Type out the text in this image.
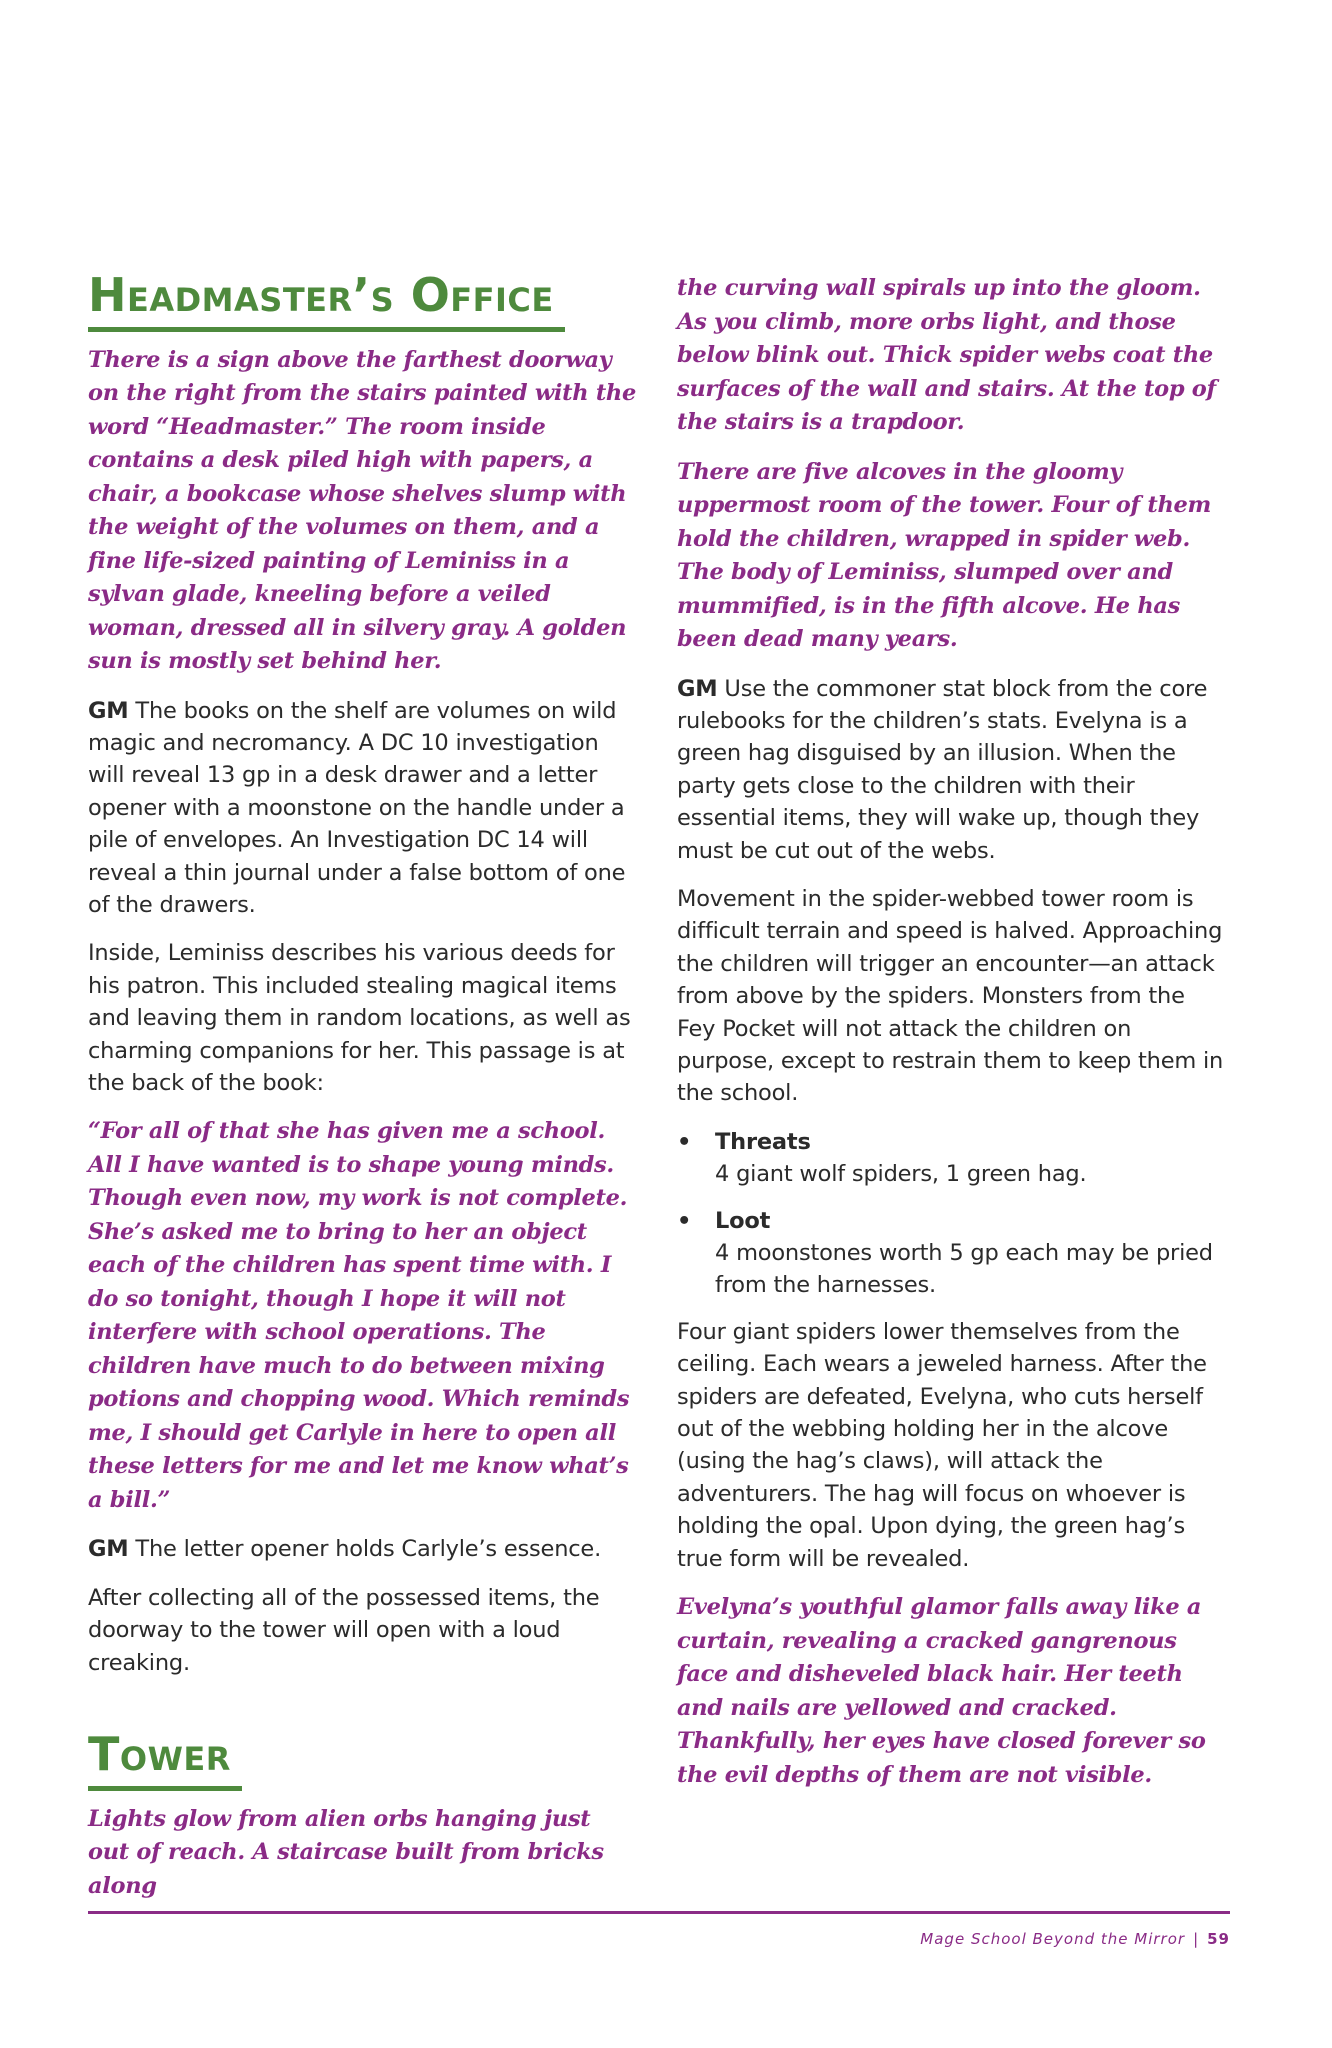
Headmaster’s Office

There is a sign above the farthest doorway on the right from the stairs painted with the word “Headmaster.” The room inside contains a desk piled high with papers, a chair, a bookcase whose shelves slump with the weight of the volumes on them, and a fine life-sized painting of Leminiss in a sylvan glade, kneeling before a veiled woman, dressed all in silvery gray. A golden sun is mostly set behind her.

GM The books on the shelf are volumes on wild magic and necromancy. A DC 10 investigation will reveal 13 gp in a desk drawer and a letter opener with a moonstone on the handle under a pile of envelopes. An Investigation DC 14 will reveal a thin journal under a false bottom of one of the drawers.

Inside, Leminiss describes his various deeds for his patron. This included stealing magical items and leaving them in random locations, as well as charming companions for her. This passage is at the back of the book:

“For all of that she has given me a school. All I have wanted is to shape young minds. Though even now, my work is not complete. She’s asked me to bring to her an object each of the children has spent time with. I do so tonight, though I hope it will not interfere with school operations. The children have much to do between mixing potions and chopping wood. Which reminds me, I should get Carlyle in here to open all these letters for me and let me know what’s a bill.”

GM The letter opener holds Carlyle’s essence.

After collecting all of the possessed items, the doorway to the tower will open with a loud creaking.

Tower

Lights glow from alien orbs hanging just out of reach. A staircase built from bricks along

the curving wall spirals up into the gloom. As you climb, more orbs light, and those below blink out. Thick spider webs coat the surfaces of the wall and stairs. At the top of the stairs is a trapdoor.

There are five alcoves in the gloomy uppermost room of the tower. Four of them hold the children, wrapped in spider web. The body of Leminiss, slumped over and mummified, is in the fifth alcove. He has been dead many years.

GM Use the commoner stat block from the core rulebooks for the children’s stats. Evelyna is a green hag disguised by an illusion. When the party gets close to the children with their essential items, they will wake up, though they must be cut out of the webs.

Movement in the spider-webbed tower room is difficult terrain and speed is halved. Approaching the children will trigger an encounter—an attack from above by the spiders. Monsters from the Fey Pocket will not attack the children on purpose, except to restrain them to keep them in the school.

• Threats
4 giant wolf spiders, 1 green hag.
• Loot
4 moonstones worth 5 gp each may be pried from the harnesses.

Four giant spiders lower themselves from the ceiling. Each wears a jeweled harness. After the spiders are defeated, Evelyna, who cuts herself out of the webbing holding her in the alcove (using the hag’s claws), will attack the adventurers. The hag will focus on whoever is holding the opal. Upon dying, the green hag’s true form will be revealed.

Evelyna’s youthful glamor falls away like a curtain, revealing a cracked gangrenous face and disheveled black hair. Her teeth and nails are yellowed and cracked. Thankfully, her eyes have closed forever so the evil depths of them are not visible.

Mage School Beyond the Mirror | 59
